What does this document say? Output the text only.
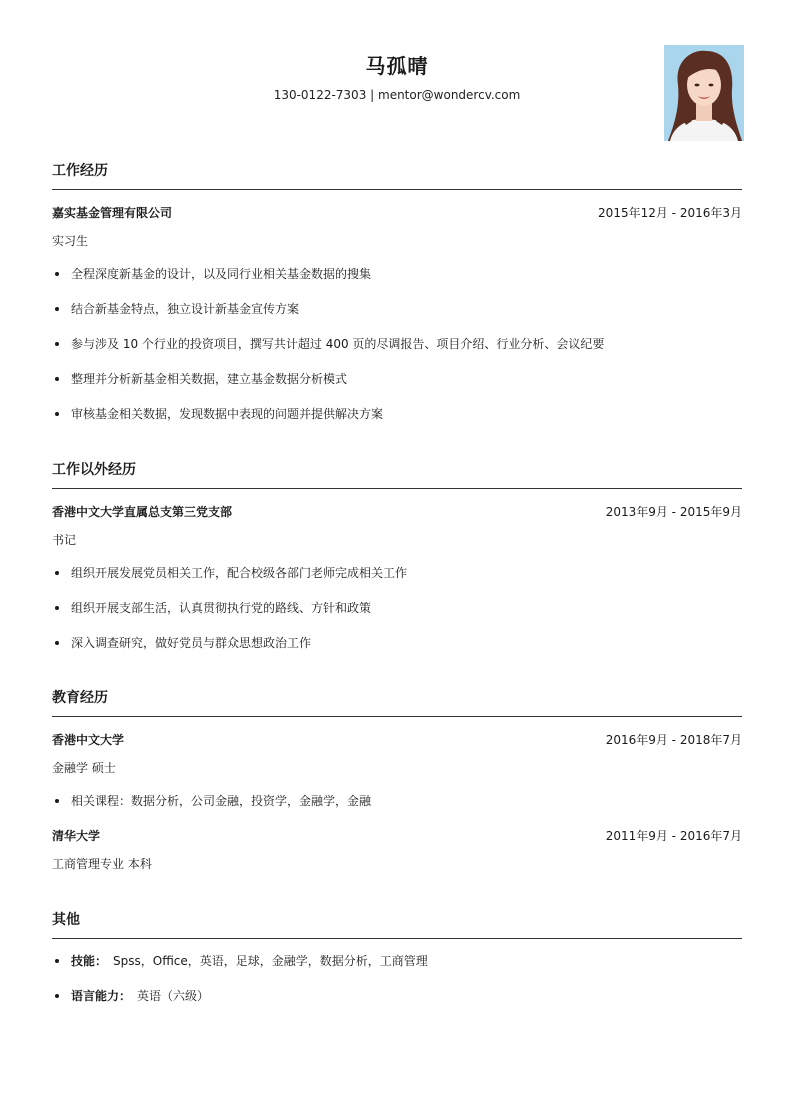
马孤晴
130-0122-7303 | mentor@wondercv.com
工作经历
嘉实基金管理有限公司	2015年12月 - 2016年3月
实习生
全程深度新基金的设计，以及同行业相关基金数据的搜集
结合新基金特点，独立设计新基金宣传方案
参与涉及 10 个行业的投资项目，撰写共计超过 400 页的尽调报告、项目介绍、行业分析、会议纪要
整理并分析新基金相关数据，建立基金数据分析模式
审核基金相关数据，发现数据中表现的问题并提供解决方案
工作以外经历
香港中文大学直属总支第三党支部	2013年9月 - 2015年9月
书记
组织开展发展党员相关工作，配合校级各部门老师完成相关工作
组织开展支部生活，认真贯彻执行党的路线、方针和政策
深入调查研究，做好党员与群众思想政治工作
教育经历
香港中文大学	2016年9月 - 2018年7月
金融学 硕士
相关课程：数据分析，公司金融，投资学，金融学，金融
清华大学	2011年9月 - 2016年7月
工商管理专业 本科
其他
技能： Spss，Office，英语，足球，金融学，数据分析，工商管理
语言能力： 英语（六级）
